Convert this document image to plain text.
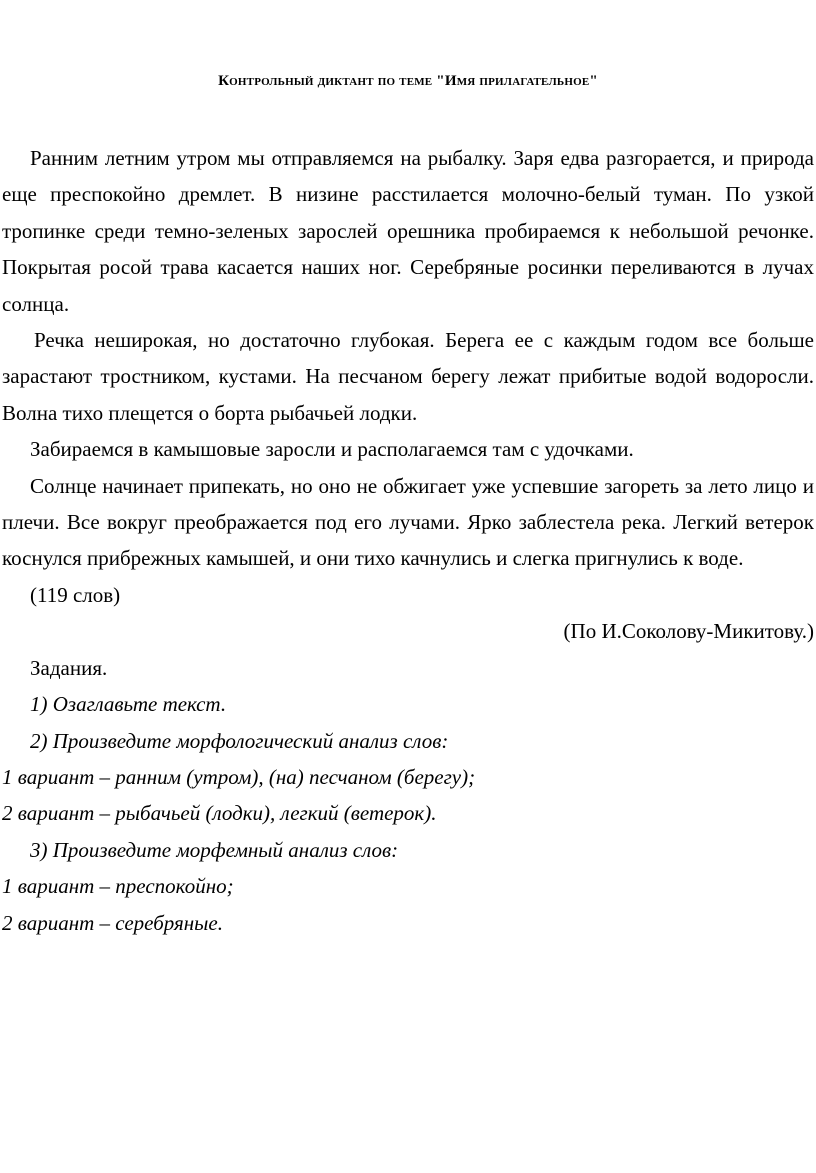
Контрольный диктант по теме "Имя прилагательное"

Ранним летним утром мы отправляемся на рыбалку. Заря едва разгорается, и природа еще преспокойно дремлет. В низине расстилается молочно-белый туман. По узкой тропинке среди темно-зеленых зарослей орешника пробираемся к небольшой речонке. Покрытая росой трава касается наших ног. Серебряные росинки переливаются в лучах солнца.

Речка неширокая, но достаточно глубокая. Берега ее с каждым годом все больше зарастают тростником, кустами. На песчаном берегу лежат прибитые водой водоросли. Волна тихо плещется о борта рыбачьей лодки.

Забираемся в камышовые заросли и располагаемся там с удочками.

Солнце начинает припекать, но оно не обжигает уже успевшие загореть за лето лицо и плечи. Все вокруг преображается под его лучами. Ярко заблестела река. Легкий ветерок коснулся прибрежных камышей, и они тихо качнулись и слегка пригнулись к воде.

(119 слов)

(По И.Соколову-Микитову.)

Задания.

1) Озаглавьте текст.

2) Произведите морфологический анализ слов:

1 вариант – ранним (утром), (на) песчаном (берегу);

2 вариант – рыбачьей (лодки), легкий (ветерок).

3) Произведите морфемный анализ слов:

1 вариант – преспокойно;

2 вариант – серебряные.
